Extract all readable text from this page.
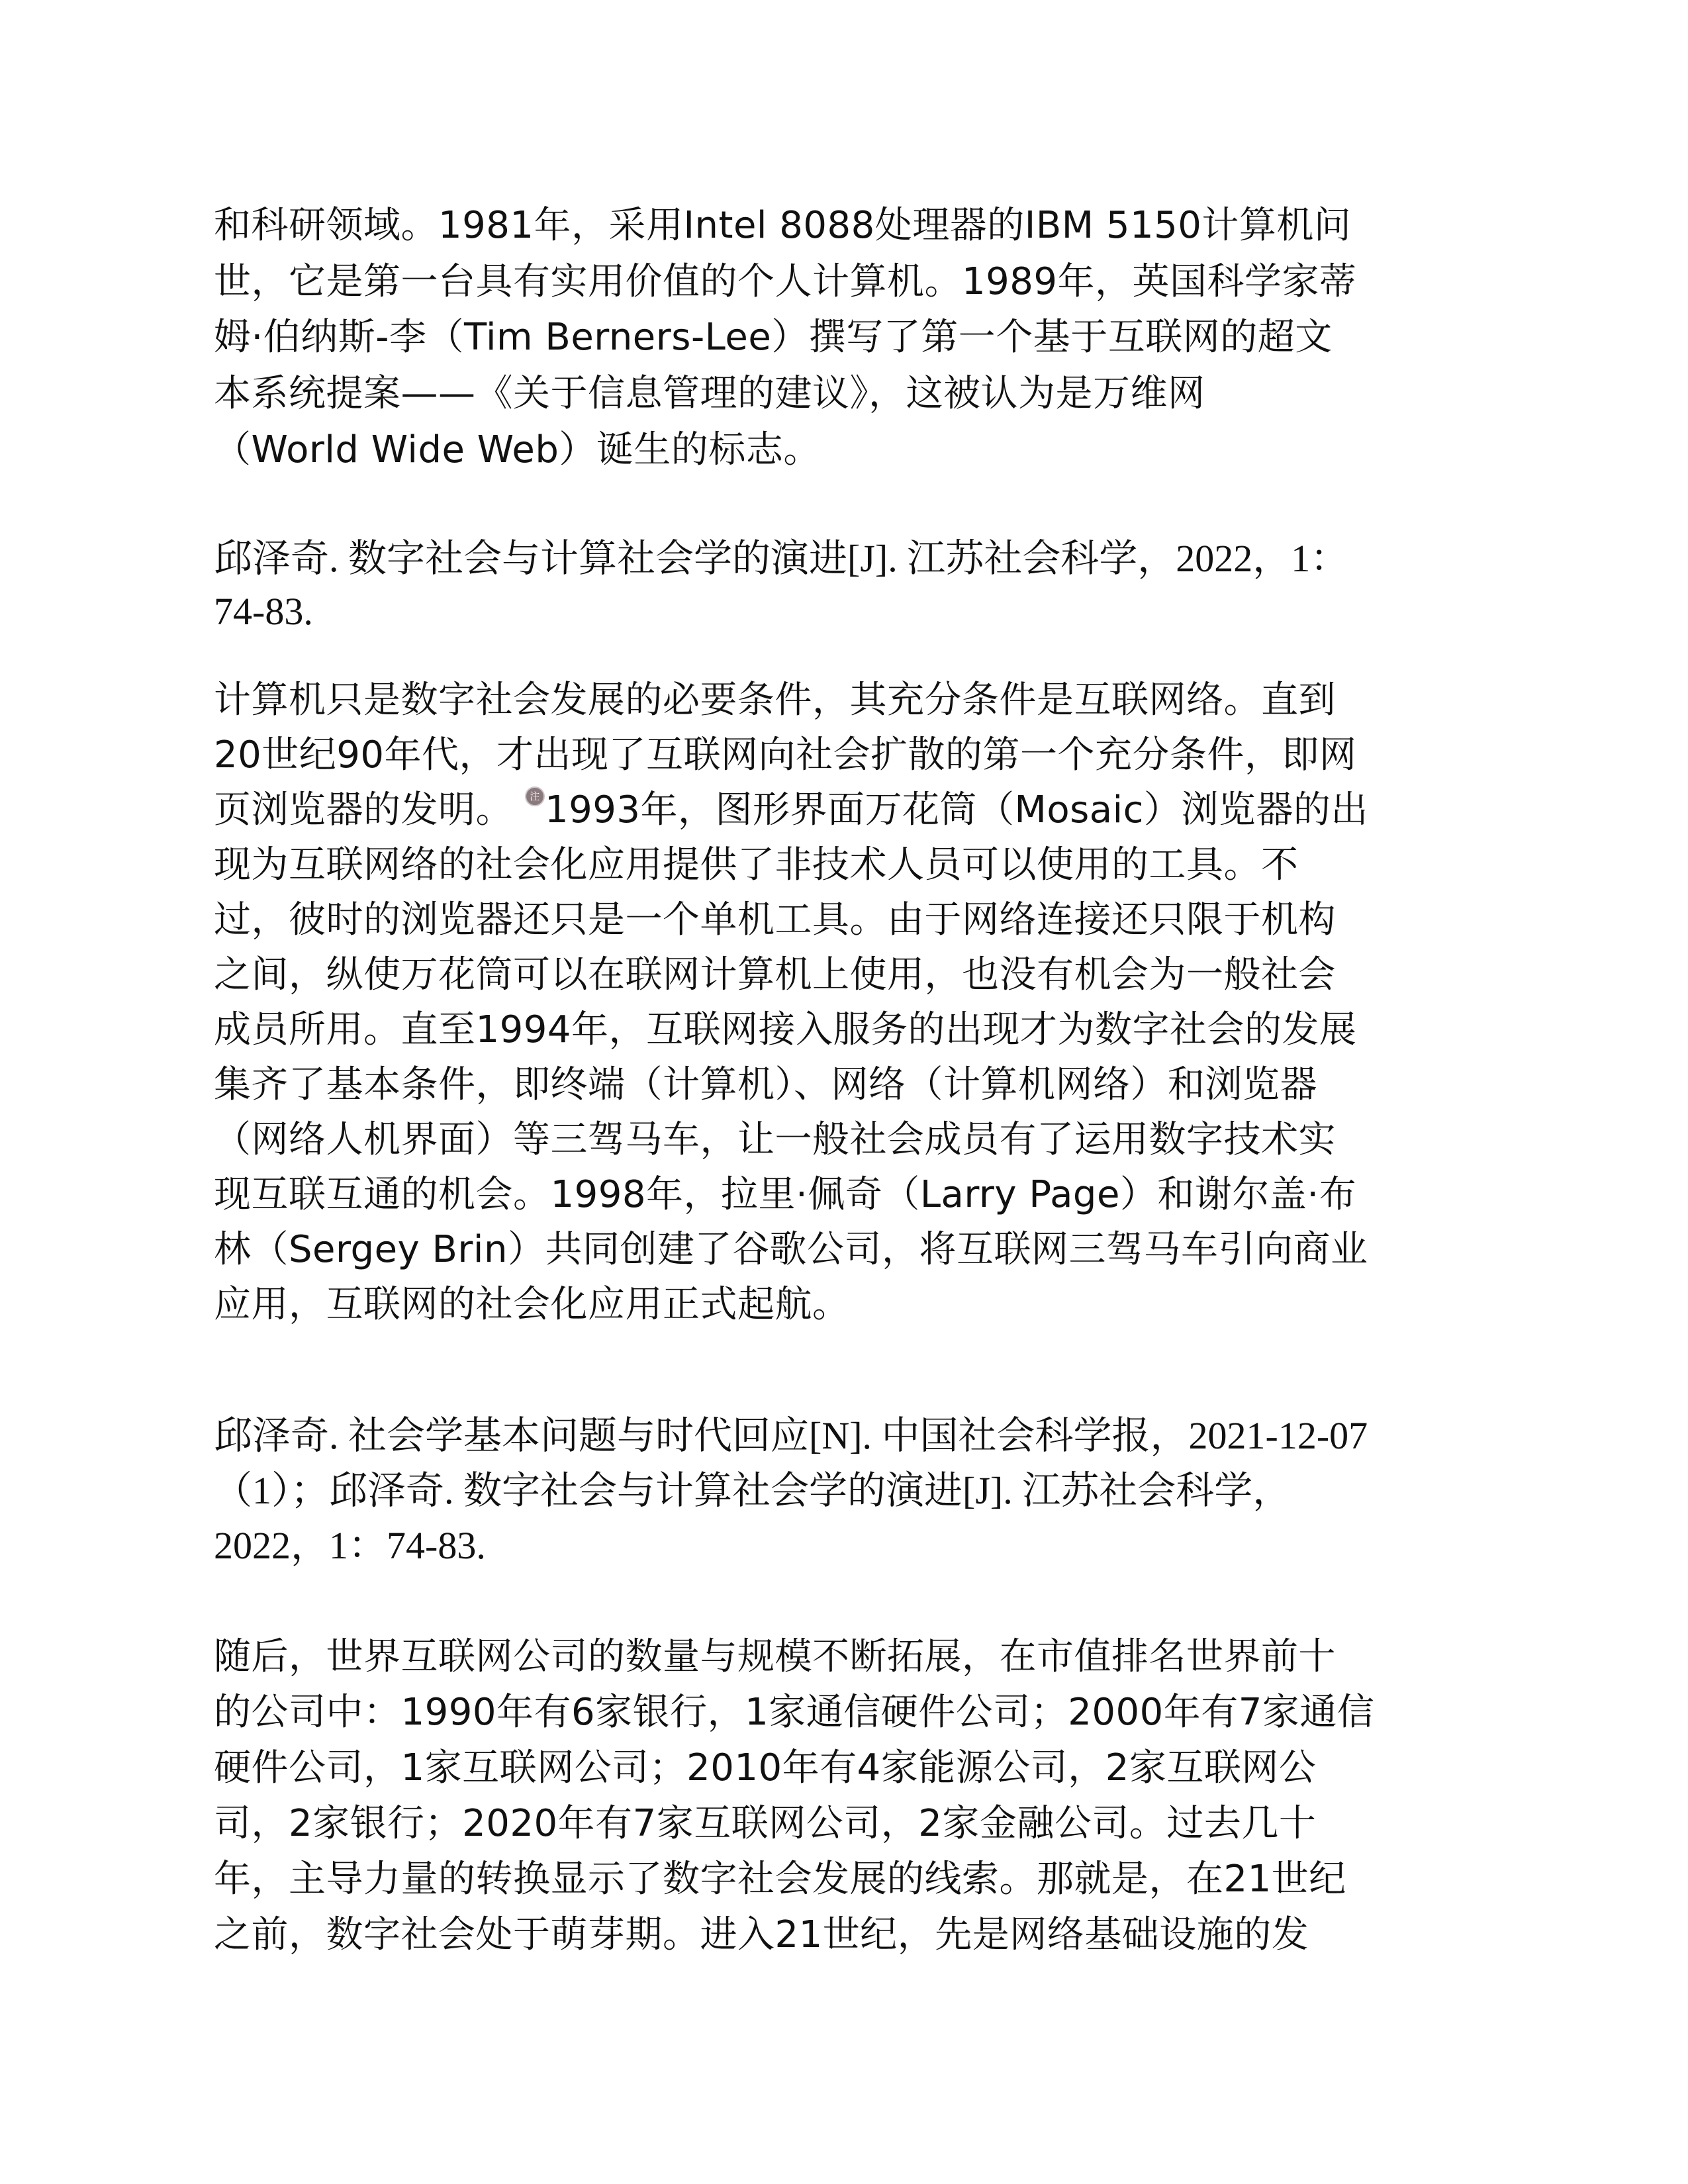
和科研领域。1981年，采用Intel 8088处理器的IBM 5150计算机问
世，它是第一台具有实用价值的个人计算机。1989年，英国科学家蒂
姆·伯纳斯-李（Tim Berners-Lee）撰写了第一个基于互联网的超文
本系统提案——《关于信息管理的建议》，这被认为是万维网
（World Wide Web）诞生的标志。
邱泽奇. 数字社会与计算社会学的演进[J]. 江苏社会科学，2022，1：
74-83.
计算机只是数字社会发展的必要条件，其充分条件是互联网络。直到
20世纪90年代，才出现了互联网向社会扩散的第一个充分条件，即网
页浏览器的发明。 注 1993年，图形界面万花筒（Mosaic）浏览器的出
现为互联网络的社会化应用提供了非技术人员可以使用的工具。不
过，彼时的浏览器还只是一个单机工具。由于网络连接还只限于机构
之间，纵使万花筒可以在联网计算机上使用，也没有机会为一般社会
成员所用。直至1994年，互联网接入服务的出现才为数字社会的发展
集齐了基本条件，即终端（计算机）、网络（计算机网络）和浏览器
（网络人机界面）等三驾马车，让一般社会成员有了运用数字技术实
现互联互通的机会。1998年，拉里·佩奇（Larry Page）和谢尔盖·布
林（Sergey Brin）共同创建了谷歌公司，将互联网三驾马车引向商业
应用，互联网的社会化应用正式起航。
邱泽奇. 社会学基本问题与时代回应[N]. 中国社会科学报，2021-12-07
（1）；邱泽奇. 数字社会与计算社会学的演进[J]. 江苏社会科学，
2022，1：74-83.
随后，世界互联网公司的数量与规模不断拓展，在市值排名世界前十
的公司中：1990年有6家银行，1家通信硬件公司；2000年有7家通信
硬件公司，1家互联网公司；2010年有4家能源公司，2家互联网公
司，2家银行；2020年有7家互联网公司，2家金融公司。过去几十
年，主导力量的转换显示了数字社会发展的线索。那就是，在21世纪
之前，数字社会处于萌芽期。进入21世纪，先是网络基础设施的发
